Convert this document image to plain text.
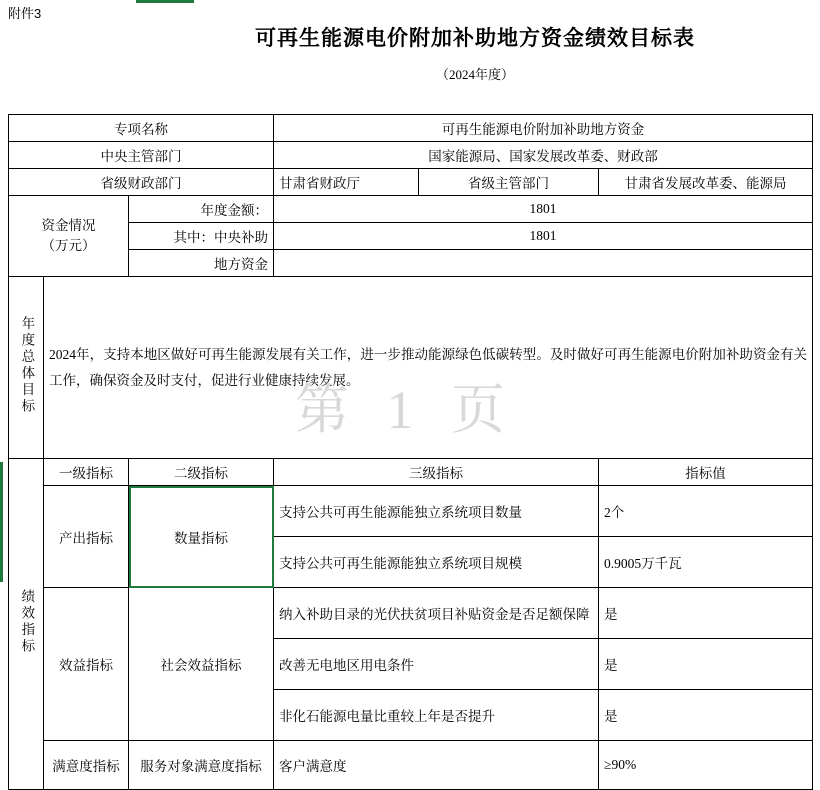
附件3
可再生能源电价附加补助地方资金绩效目标表
（2024年度）
第 1 页
专项名称			可再生能源电价附加补助地方资金		
中央主管部门			国家能源局、国家发展改革委、财政部		
省级财政部门			甘肃省财政厅	省级主管部门	甘肃省发展改革委、能源局
资金情况
（万元）		年度金额：	1801		
		其中：中央补助	1801		
		地方资金			
年度总体目标	2024年，支持本地区做好可再生能源发展有关工作，进一步推动能源绿色低碳转型。及时做好可再生能源电价附加补助资金有关工作，确保资金及时支付，促进行业健康持续发展。				
绩效指标	一级指标	二级指标	三级指标		指标值
	产出指标	数量指标	支持公共可再生能源能独立系统项目数量		2个
			支持公共可再生能源能独立系统项目规模		0.9005万千瓦
	效益指标	社会效益指标	纳入补助目录的光伏扶贫项目补贴资金是否足额保障		是
			改善无电地区用电条件		是
			非化石能源电量比重较上年是否提升		是
	满意度指标	服务对象满意度指标	客户满意度		≥90%
